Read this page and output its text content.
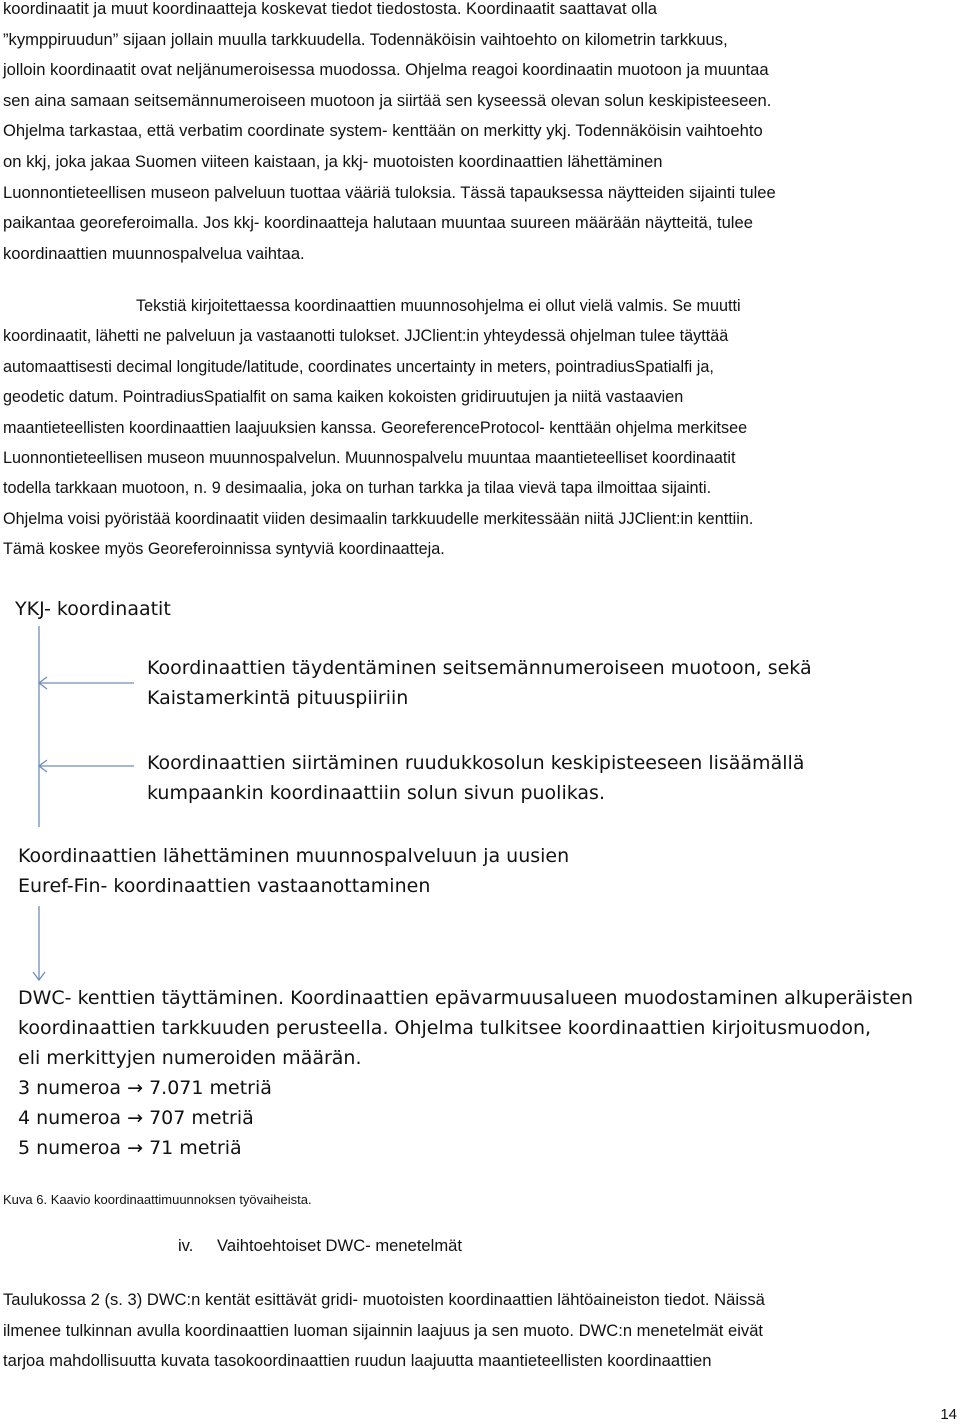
koordinaatit ja muut koordinaatteja koskevat tiedot tiedostosta. Koordinaatit saattavat olla
”kymppiruudun” sijaan jollain muulla tarkkuudella. Todennäköisin vaihtoehto on kilometrin tarkkuus,
jolloin koordinaatit ovat neljänumeroisessa muodossa. Ohjelma reagoi koordinaatin muotoon ja muuntaa
sen aina samaan seitsemännumeroiseen muotoon ja siirtää sen kyseessä olevan solun keskipisteeseen.
Ohjelma tarkastaa, että verbatim coordinate system- kenttään on merkitty ykj. Todennäköisin vaihtoehto
on kkj, joka jakaa Suomen viiteen kaistaan, ja kkj- muotoisten koordinaattien lähettäminen
Luonnontieteellisen museon palveluun tuottaa vääriä tuloksia. Tässä tapauksessa näytteiden sijainti tulee
paikantaa georeferoimalla. Jos kkj- koordinaatteja halutaan muuntaa suureen määrään näytteitä, tulee
koordinaattien muunnospalvelua vaihtaa.
Tekstiä kirjoitettaessa koordinaattien muunnosohjelma ei ollut vielä valmis. Se muutti
koordinaatit, lähetti ne palveluun ja vastaanotti tulokset. JJClient:in yhteydessä ohjelman tulee täyttää
automaattisesti decimal longitude/latitude, coordinates uncertainty in meters, pointradiusSpatialfi ja,
geodetic datum. PointradiusSpatialfit on sama kaiken kokoisten gridiruutujen ja niitä vastaavien
maantieteellisten koordinaattien laajuuksien kanssa. GeoreferenceProtocol- kenttään ohjelma merkitsee
Luonnontieteellisen museon muunnospalvelun. Muunnospalvelu muuntaa maantieteelliset koordinaatit
todella tarkkaan muotoon, n. 9 desimaalia, joka on turhan tarkka ja tilaa vievä tapa ilmoittaa sijainti.
Ohjelma voisi pyöristää koordinaatit viiden desimaalin tarkkuudelle merkitessään niitä JJClient:in kenttiin.
Tämä koskee myös Georeferoinnissa syntyviä koordinaatteja.
YKJ- koordinaatit
Koordinaattien täydentäminen seitsemännumeroiseen muotoon, sekä
Kaistamerkintä pituuspiiriin
Koordinaattien siirtäminen ruudukkosolun keskipisteeseen lisäämällä
kumpaankin koordinaattiin solun sivun puolikas.
Koordinaattien lähettäminen muunnospalveluun ja uusien
Euref-Fin- koordinaattien vastaanottaminen
DWC- kenttien täyttäminen. Koordinaattien epävarmuusalueen muodostaminen alkuperäisten
koordinaattien tarkkuuden perusteella. Ohjelma tulkitsee koordinaattien kirjoitusmuodon,
eli merkittyjen numeroiden määrän.
3 numeroa → 7.071 metriä
4 numeroa → 707 metriä
5 numeroa → 71 metriä
Kuva 6. Kaavio koordinaattimuunnoksen työvaiheista.
iv. Vaihtoehtoiset DWC- menetelmät
Taulukossa 2 (s. 3) DWC:n kentät esittävät gridi- muotoisten koordinaattien lähtöaineiston tiedot. Näissä
ilmenee tulkinnan avulla koordinaattien luoman sijainnin laajuus ja sen muoto. DWC:n menetelmät eivät
tarjoa mahdollisuutta kuvata tasokoordinaattien ruudun laajuutta maantieteellisten koordinaattien
14
